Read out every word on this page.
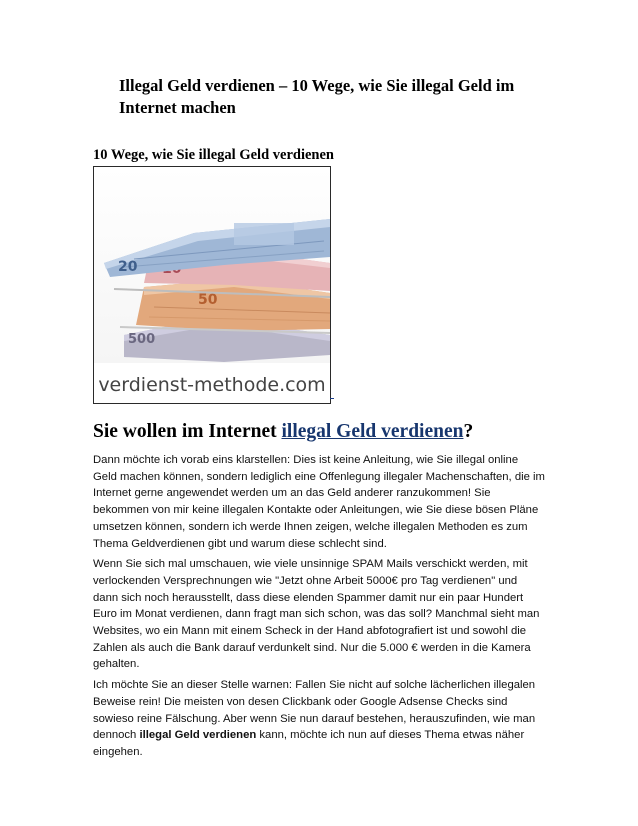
Illegal Geld verdienen – 10 Wege, wie Sie illegal Geld im Internet machen
10 Wege, wie Sie illegal Geld verdienen
500
50
20
verdienst-methode.com
Sie wollen im Internet illegal Geld verdienen?

Dann möchte ich vorab eins klarstellen: Dies ist keine Anleitung, wie Sie illegal online Geld machen können, sondern lediglich eine Offenlegung illegaler Machenschaften, die im Internet gerne angewendet werden um an das Geld anderer ranzukommen! Sie bekommen von mir keine illegalen Kontakte oder Anleitungen, wie Sie diese bösen Pläne umsetzen können, sondern ich werde Ihnen zeigen, welche illegalen Methoden es zum Thema Geldverdienen gibt und warum diese schlecht sind.

Wenn Sie sich mal umschauen, wie viele unsinnige SPAM Mails verschickt werden, mit verlockenden Versprechnungen wie "Jetzt ohne Arbeit 5000€ pro Tag verdienen" und dann sich noch herausstellt, dass diese elenden Spammer damit nur ein paar Hundert Euro im Monat verdienen, dann fragt man sich schon, was das soll? Manchmal sieht man Websites, wo ein Mann mit einem Scheck in der Hand abfotografiert ist und sowohl die Zahlen als auch die Bank darauf verdunkelt sind. Nur die 5.000 € werden in die Kamera gehalten.

Ich möchte Sie an dieser Stelle warnen: Fallen Sie nicht auf solche lächerlichen illegalen Beweise rein! Die meisten von desen Clickbank oder Google Adsense Checks sind sowieso reine Fälschung. Aber wenn Sie nun darauf bestehen, herauszufinden, wie man dennoch illegal Geld verdienen kann, möchte ich nun auf dieses Thema etwas näher eingehen.
